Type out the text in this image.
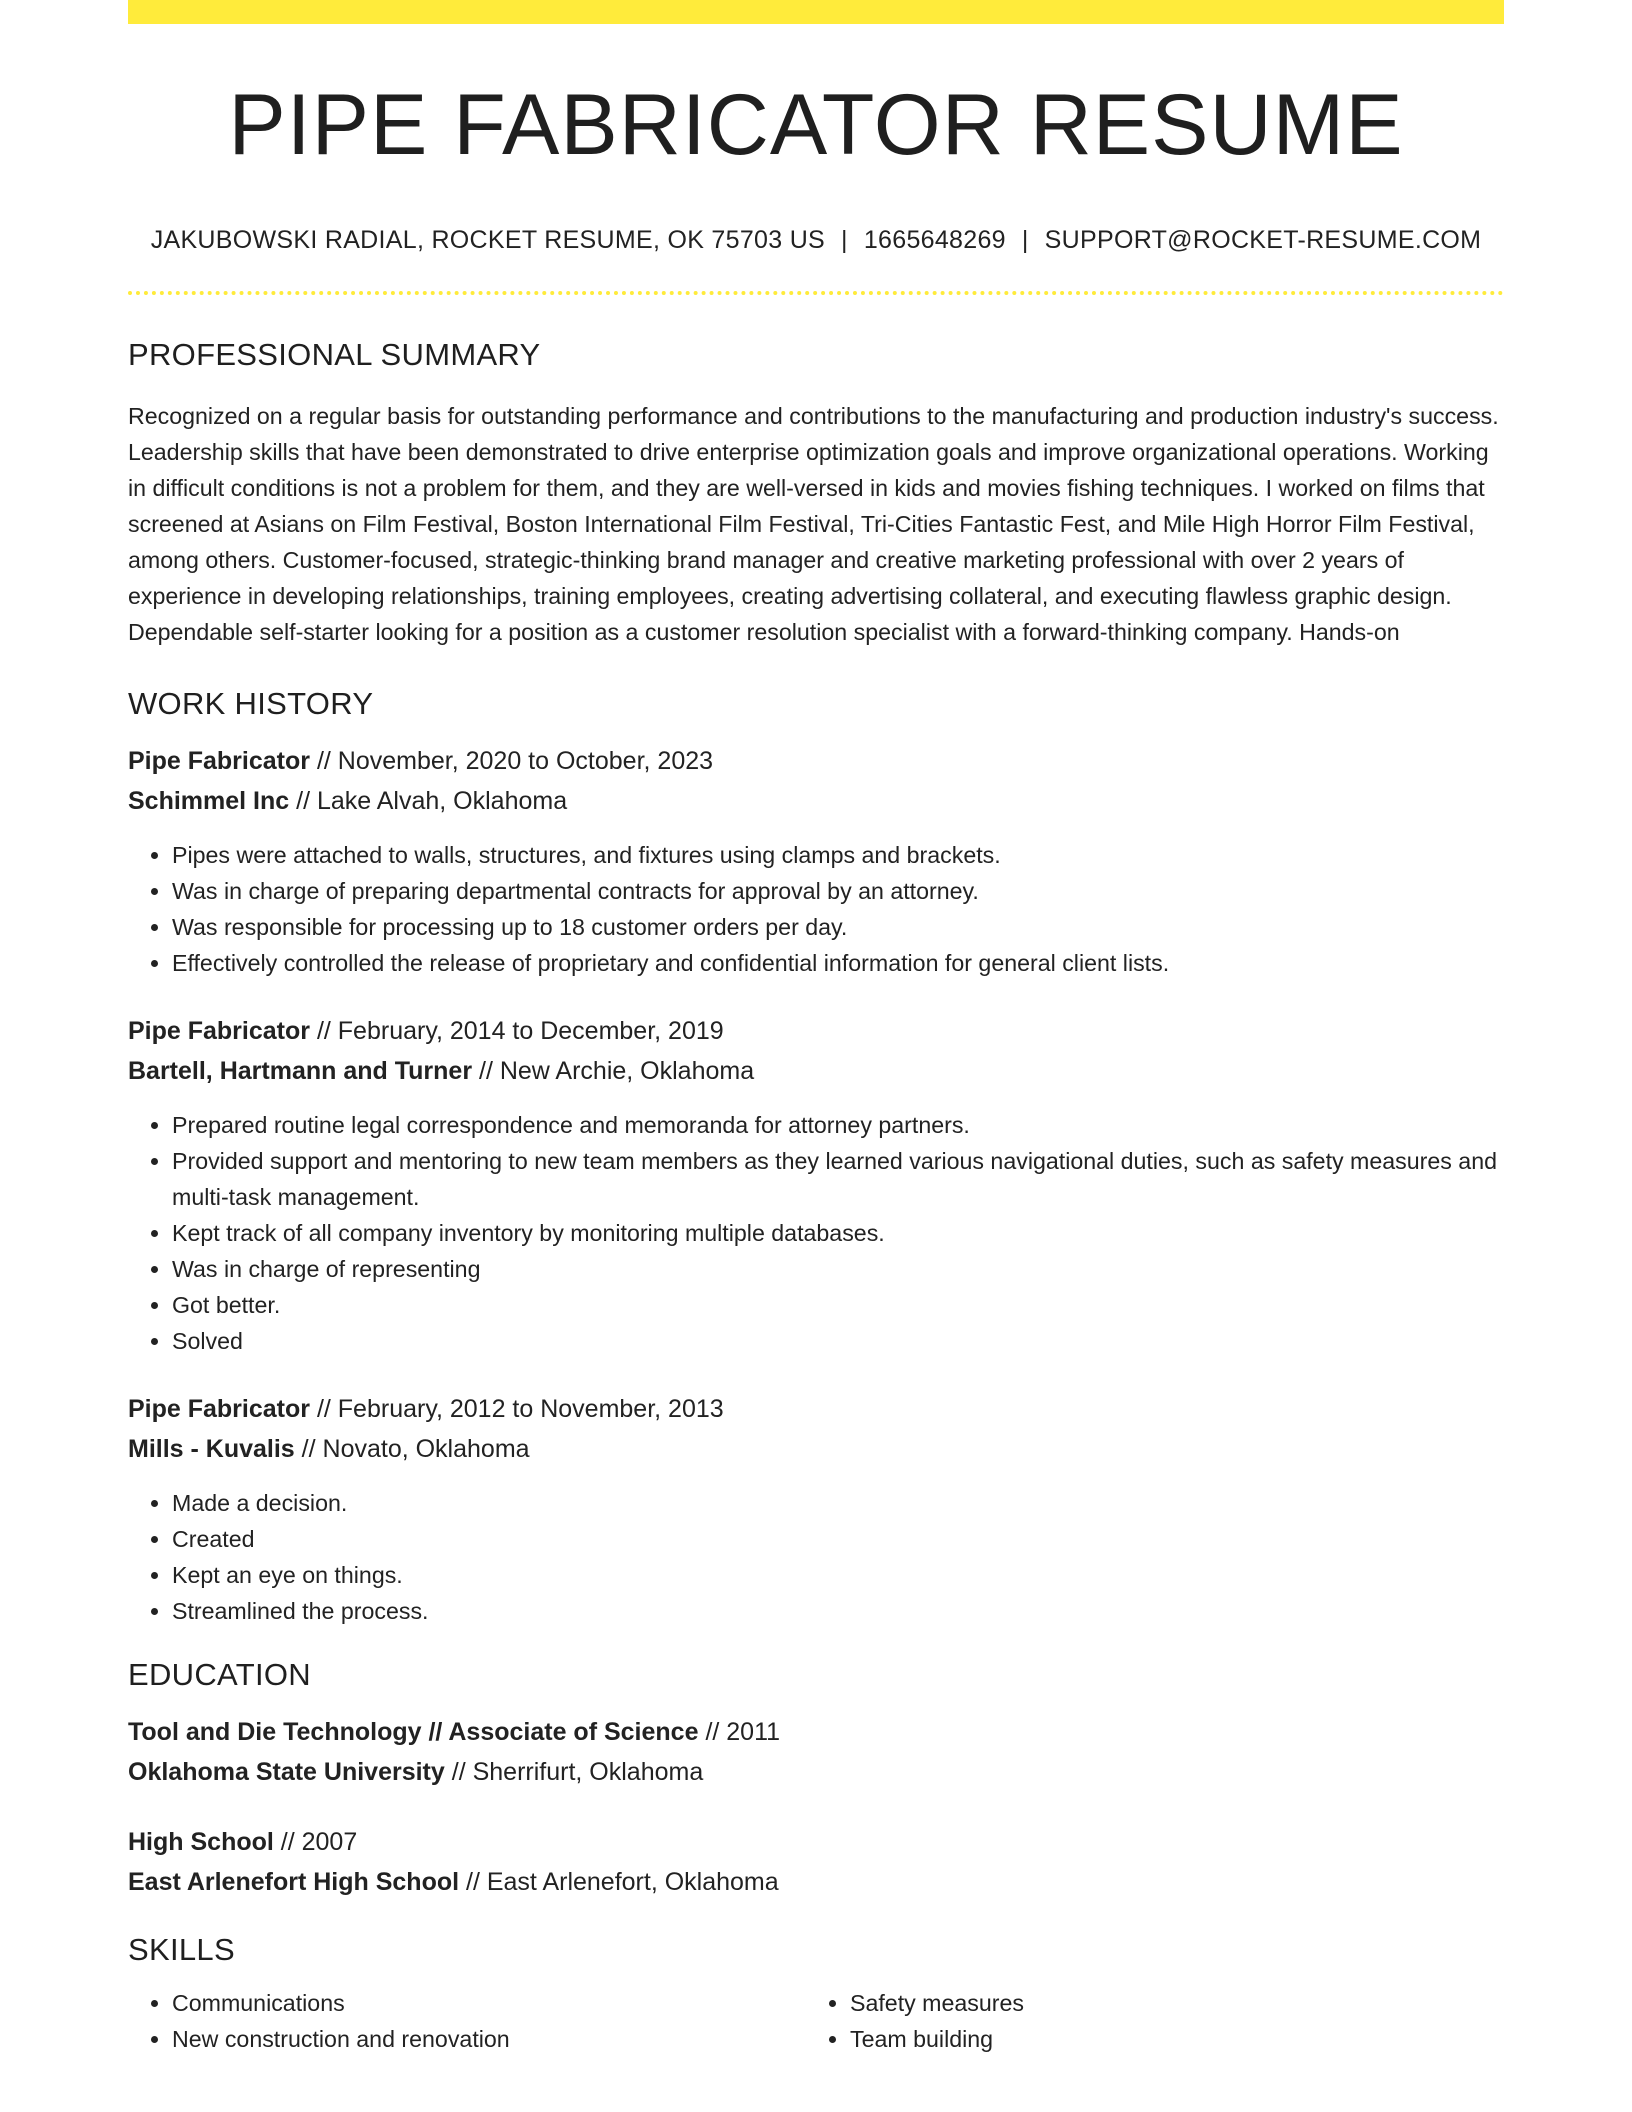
PIPE FABRICATOR RESUME
JAKUBOWSKI RADIAL, ROCKET RESUME, OK 75703 US | 1665648269 | SUPPORT@ROCKET-RESUME.COM
PROFESSIONAL SUMMARY

Recognized on a regular basis for outstanding performance and contributions to the manufacturing and production industry's success. Leadership skills that have been demonstrated to drive enterprise optimization goals and improve organizational operations. Working in difficult conditions is not a problem for them, and they are well-versed in kids and movies fishing techniques. I worked on films that screened at Asians on Film Festival, Boston International Film Festival, Tri-Cities Fantastic Fest, and Mile High Horror Film Festival, among others. Customer-focused, strategic-thinking brand manager and creative marketing professional with over 2 years of experience in developing relationships, training employees, creating advertising collateral, and executing flawless graphic design. Dependable self-starter looking for a position as a customer resolution specialist with a forward-thinking company. Hands-on

WORK HISTORY
Pipe Fabricator // November, 2020 to October, 2023
Schimmel Inc // Lake Alvah, Oklahoma
• Pipes were attached to walls, structures, and fixtures using clamps and brackets.
• Was in charge of preparing departmental contracts for approval by an attorney.
• Was responsible for processing up to 18 customer orders per day.
• Effectively controlled the release of proprietary and confidential information for general client lists.
Pipe Fabricator // February, 2014 to December, 2019
Bartell, Hartmann and Turner // New Archie, Oklahoma
• Prepared routine legal correspondence and memoranda for attorney partners.
• Provided support and mentoring to new team members as they learned various navigational duties, such as safety measures and multi-task management.
• Kept track of all company inventory by monitoring multiple databases.
• Was in charge of representing
• Got better.
• Solved
Pipe Fabricator // February, 2012 to November, 2013
Mills - Kuvalis // Novato, Oklahoma
• Made a decision.
• Created
• Kept an eye on things.
• Streamlined the process.
EDUCATION
Tool and Die Technology // Associate of Science // 2011
Oklahoma State University // Sherrifurt, Oklahoma
High School // 2007
East Arlenefort High School // East Arlenefort, Oklahoma
SKILLS
• Communications
• New construction and renovation
• Safety measures
• Team building
